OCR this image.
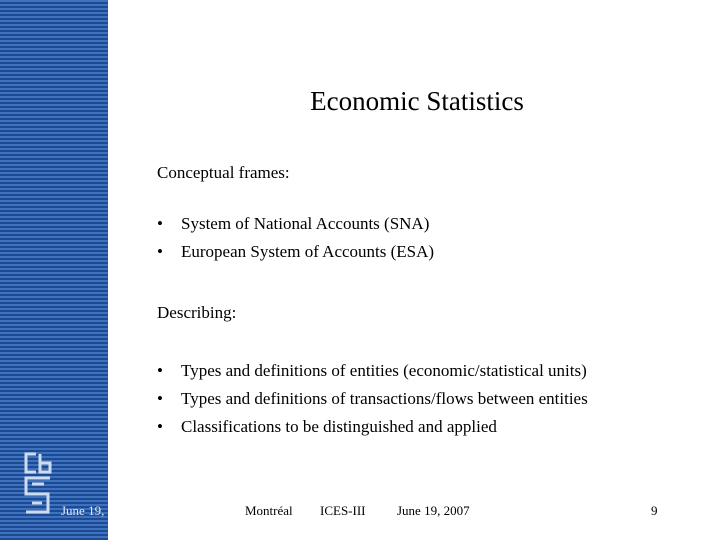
June 19,
Economic Statistics
Conceptual frames:
• System of National Accounts (SNA)
• European System of Accounts (ESA)
Describing:
• Types and definitions of entities (economic/statistical units)
• Types and definitions of transactions/flows between entities
• Classifications to be distinguished and applied
Montréal ICES-III June 19, 2007	9
